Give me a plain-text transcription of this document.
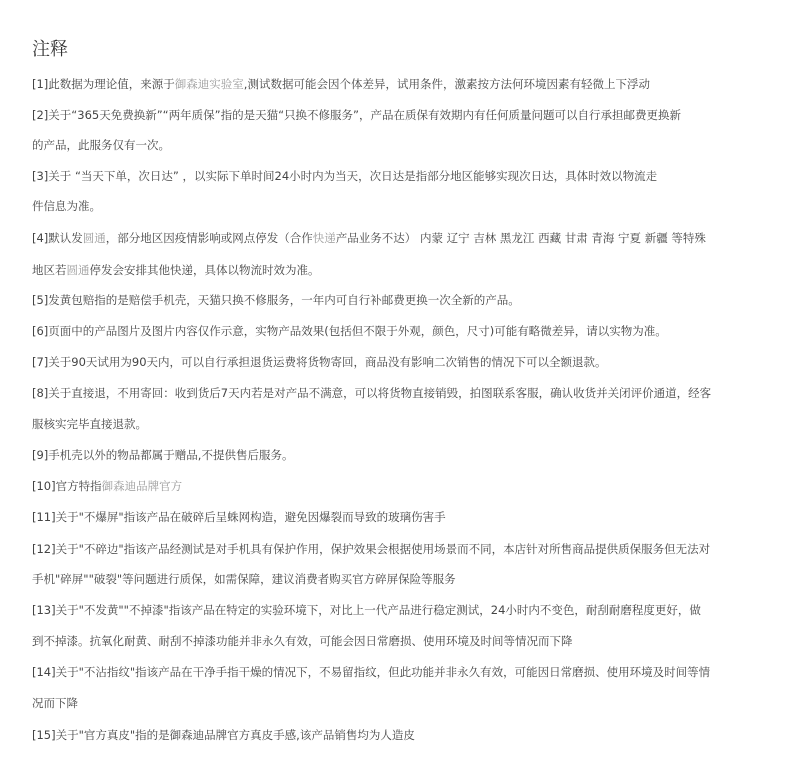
注释
[1]此数据为理论值，来源于御森迪实验室,测试数据可能会因个体差异，试用条件，激素按方法何环境因素有轻微上下浮动
[2]关于“365天免费换新”“两年质保”指的是天猫“只换不修服务”，产品在质保有效期内有任何质量问题可以自行承担邮费更换新
的产品，此服务仅有一次。
[3]关于 “当天下单，次日达” ，以实际下单时间24小时内为当天，次日达是指部分地区能够实现次日达，具体时效以物流走
件信息为准。
[4]默认发圆通，部分地区因疫情影响或网点停发（合作快递产品业务不达） 内蒙 辽宁 吉林 黑龙江 西藏 甘肃 青海 宁夏 新疆 等特殊
地区若圆通停发会安排其他快递，具体以物流时效为准。
[5]发黄包赔指的是赔偿手机壳，天猫只换不修服务，一年内可自行补邮费更换一次全新的产品。
[6]页面中的产品图片及图片内容仅作示意，实物产品效果(包括但不限于外观，颜色，尺寸)可能有略微差异，请以实物为准。
[7]关于90天试用为90天内，可以自行承担退货运费将货物寄回，商品没有影响二次销售的情况下可以全额退款。
[8]关于直接退，不用寄回：收到货后7天内若是对产品不满意，可以将货物直接销毁，拍图联系客服，确认收货并关闭评价通道，经客
服核实完毕直接退款。
[9]手机壳以外的物品都属于赠品,不提供售后服务。
[10]官方特指御森迪品牌官方
[11]关于"不爆屏"指该产品在破碎后呈蛛网构造，避免因爆裂而导致的玻璃伤害手
[12]关于"不碎边"指该产品经测试是对手机具有保护作用，保护效果会根据使用场景而不同，本店针对所售商品提供质保服务但无法对
手机"碎屏""破裂"等问题进行质保，如需保障，建议消费者购买官方碎屏保险等服务
[13]关于"不发黄""不掉漆"指该产品在特定的实验环境下，对比上一代产品进行稳定测试，24小时内不变色，耐刮耐磨程度更好，做
到不掉漆。抗氧化耐黄、耐刮不掉漆功能并非永久有效，可能会因日常磨损、使用环境及时间等情况而下降
[14]关于"不沾指纹"指该产品在干净手指干燥的情况下，不易留指纹，但此功能并非永久有效，可能因日常磨损、使用环境及时间等情
况而下降
[15]关于"官方真皮"指的是御森迪品牌官方真皮手感,该产品销售均为人造皮
